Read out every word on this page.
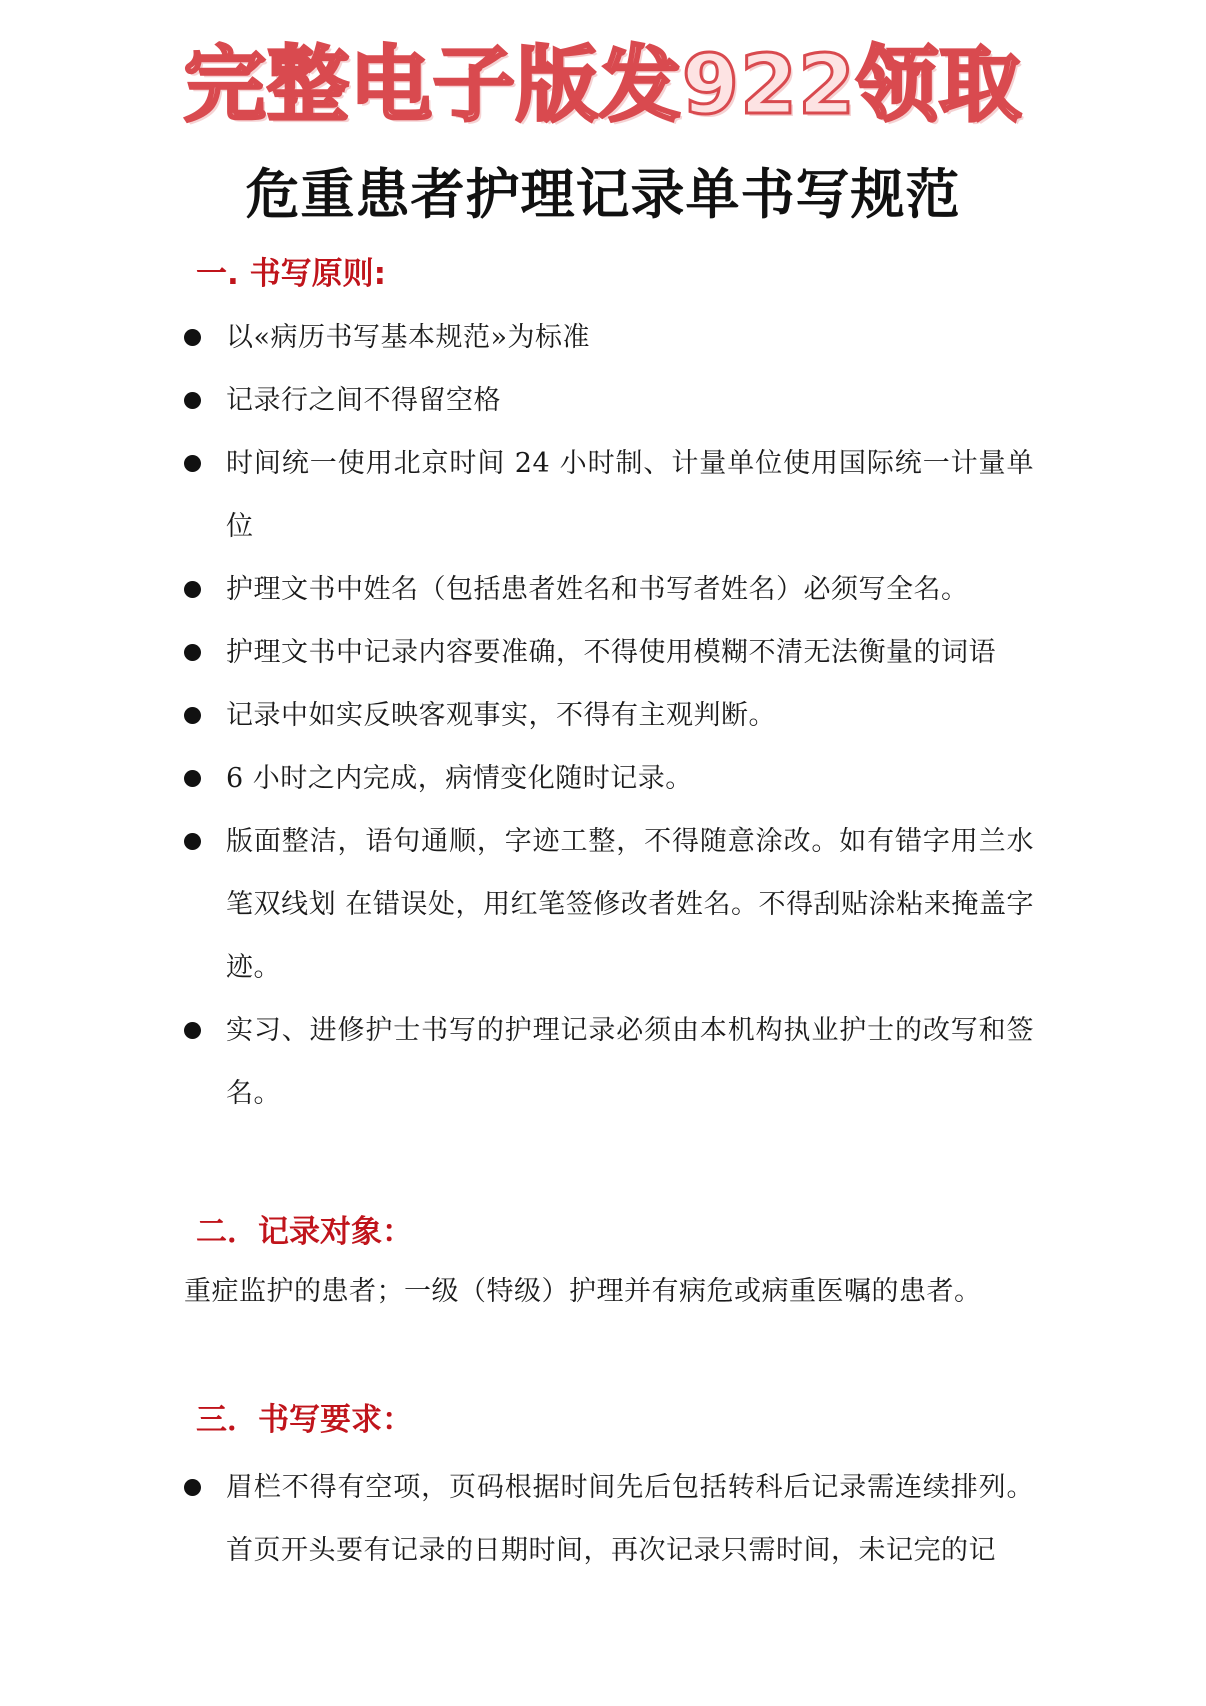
完整电子版发922领取
危重患者护理记录单书写规范
一. 书写原则:
以«病历书写基本规范»为标准
记录行之间不得留空格
时间统一使用北京时间 24 小时制、计量单位使用国际统一计量单位
护理文书中姓名（包括患者姓名和书写者姓名）必须写全名。
护理文书中记录内容要准确，不得使用模糊不清无法衡量的词语
记录中如实反映客观事实，不得有主观判断。
6 小时之内完成，病情变化随时记录。
版面整洁，语句通顺，字迹工整，不得随意涂改。如有错字用兰水笔双线划 在错误处，用红笔签修改者姓名。不得刮贴涂粘来掩盖字迹。
实习、进修护士书写的护理记录必须由本机构执业护士的改写和签名。
二．记录对象：
重症监护的患者；一级（特级）护理并有病危或病重医嘱的患者。
三．书写要求：
眉栏不得有空项，页码根据时间先后包括转科后记录需连续排列。首页开头要有记录的日期时间，再次记录只需时间，未记完的记
